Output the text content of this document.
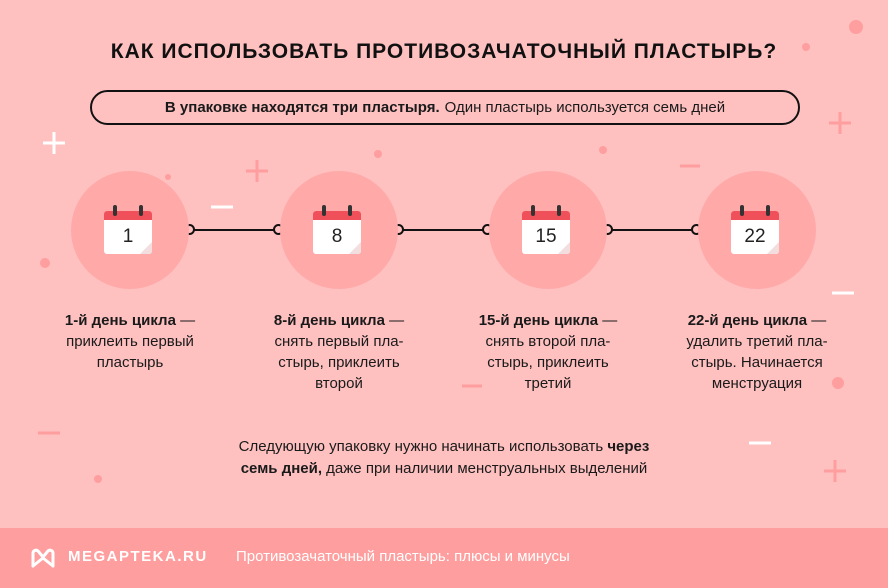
КАК ИСПОЛЬЗОВАТЬ ПРОТИВОЗАЧАТОЧНЫЙ ПЛАСТЫРЬ?
В упаковке находятся три пластыря. Один пластырь используется семь дней
1
1-й день цикла —
приклеить первый
пластырь
8
8-й день цикла —
снять первый пла-
стырь, приклеить
второй
15
15-й день цикла —
снять второй пла-
стырь, приклеить
третий
22
22-й день цикла —
удалить третий пла-
стырь. Начинается
менструация
Следующую упаковку нужно начинать использовать через
семь дней, даже при наличии менструальных выделений
MEGAPTEKA.RU Противозачаточный пластырь: плюсы и минусы
